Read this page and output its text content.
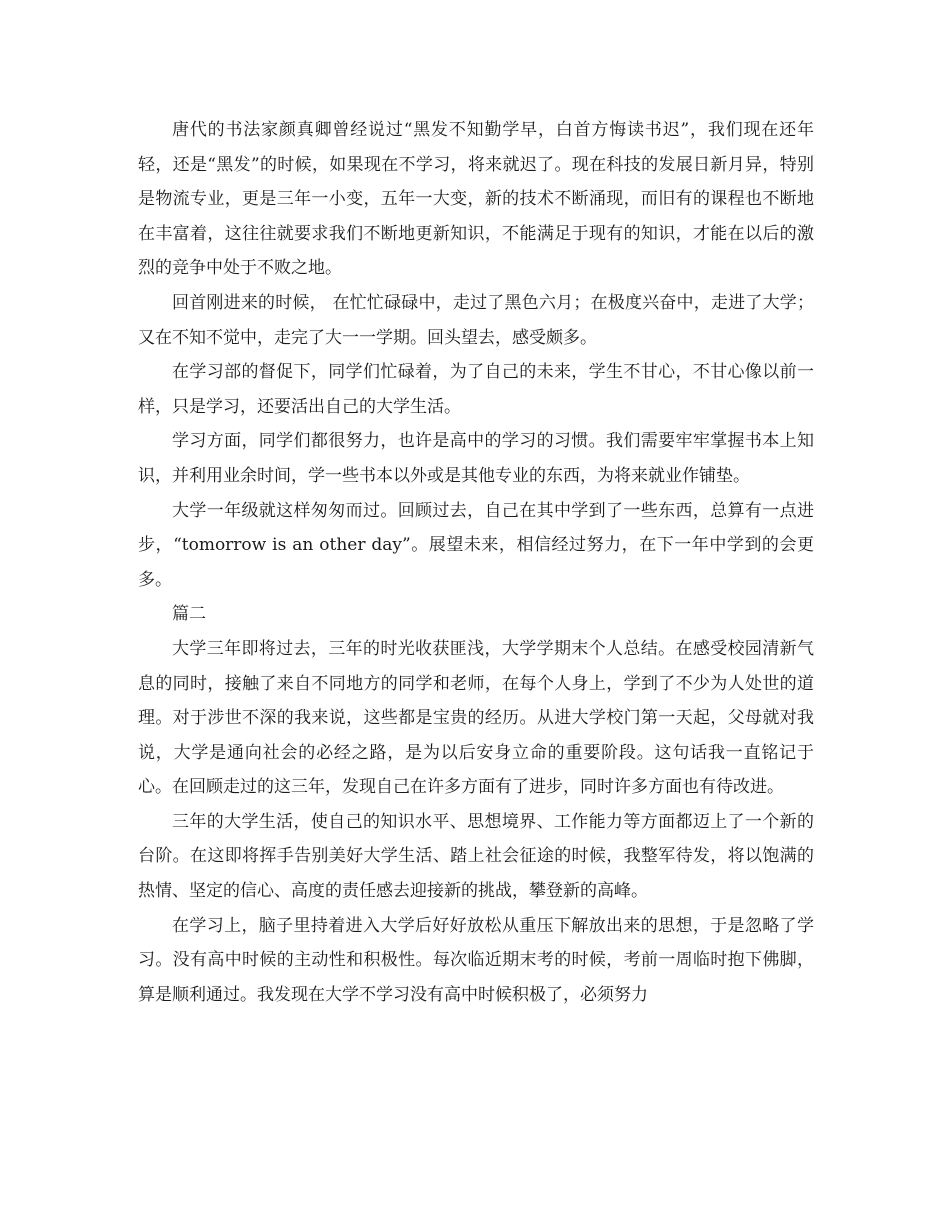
唐代的书法家颜真卿曾经说过“黑发不知勤学早，白首方悔读书迟”，我们现在还年轻，还是“黑发”的时候，如果现在不学习，将来就迟了。现在科技的发展日新月异，特别是物流专业，更是三年一小变，五年一大变，新的技术不断涌现，而旧有的课程也不断地在丰富着，这往往就要求我们不断地更新知识，不能满足于现有的知识，才能在以后的激烈的竞争中处于不败之地。

回首刚进来的时候， 在忙忙碌碌中，走过了黑色六月；在极度兴奋中，走进了大学；又在不知不觉中，走完了大一一学期。回头望去，感受颇多。

在学习部的督促下，同学们忙碌着，为了自己的未来，学生不甘心，不甘心像以前一样，只是学习，还要活出自己的大学生活。

学习方面，同学们都很努力，也许是高中的学习的习惯。我们需要牢牢掌握书本上知识，并利用业余时间，学一些书本以外或是其他专业的东西，为将来就业作铺垫。

大学一年级就这样匆匆而过。回顾过去，自己在其中学到了一些东西，总算有一点进步，“tomorrow is an other day”。展望未来，相信经过努力，在下一年中学到的会更多。

篇二

大学三年即将过去，三年的时光收获匪浅，大学学期末个人总结。在感受校园清新气息的同时，接触了来自不同地方的同学和老师，在每个人身上，学到了不少为人处世的道理。对于涉世不深的我来说，这些都是宝贵的经历。从进大学校门第一天起，父母就对我说，大学是通向社会的必经之路，是为以后安身立命的重要阶段。这句话我一直铭记于心。在回顾走过的这三年，发现自己在许多方面有了进步，同时许多方面也有待改进。

三年的大学生活，使自己的知识水平、思想境界、工作能力等方面都迈上了一个新的台阶。在这即将挥手告别美好大学生活、踏上社会征途的时候，我整军待发，将以饱满的热情、坚定的信心、高度的责任感去迎接新的挑战，攀登新的高峰。

在学习上，脑子里持着进入大学后好好放松从重压下解放出来的思想，于是忽略了学习。没有高中时候的主动性和积极性。每次临近期末考的时候，考前一周临时抱下佛脚，算是顺利通过。我发现在大学不学习没有高中时候积极了，必须努力
